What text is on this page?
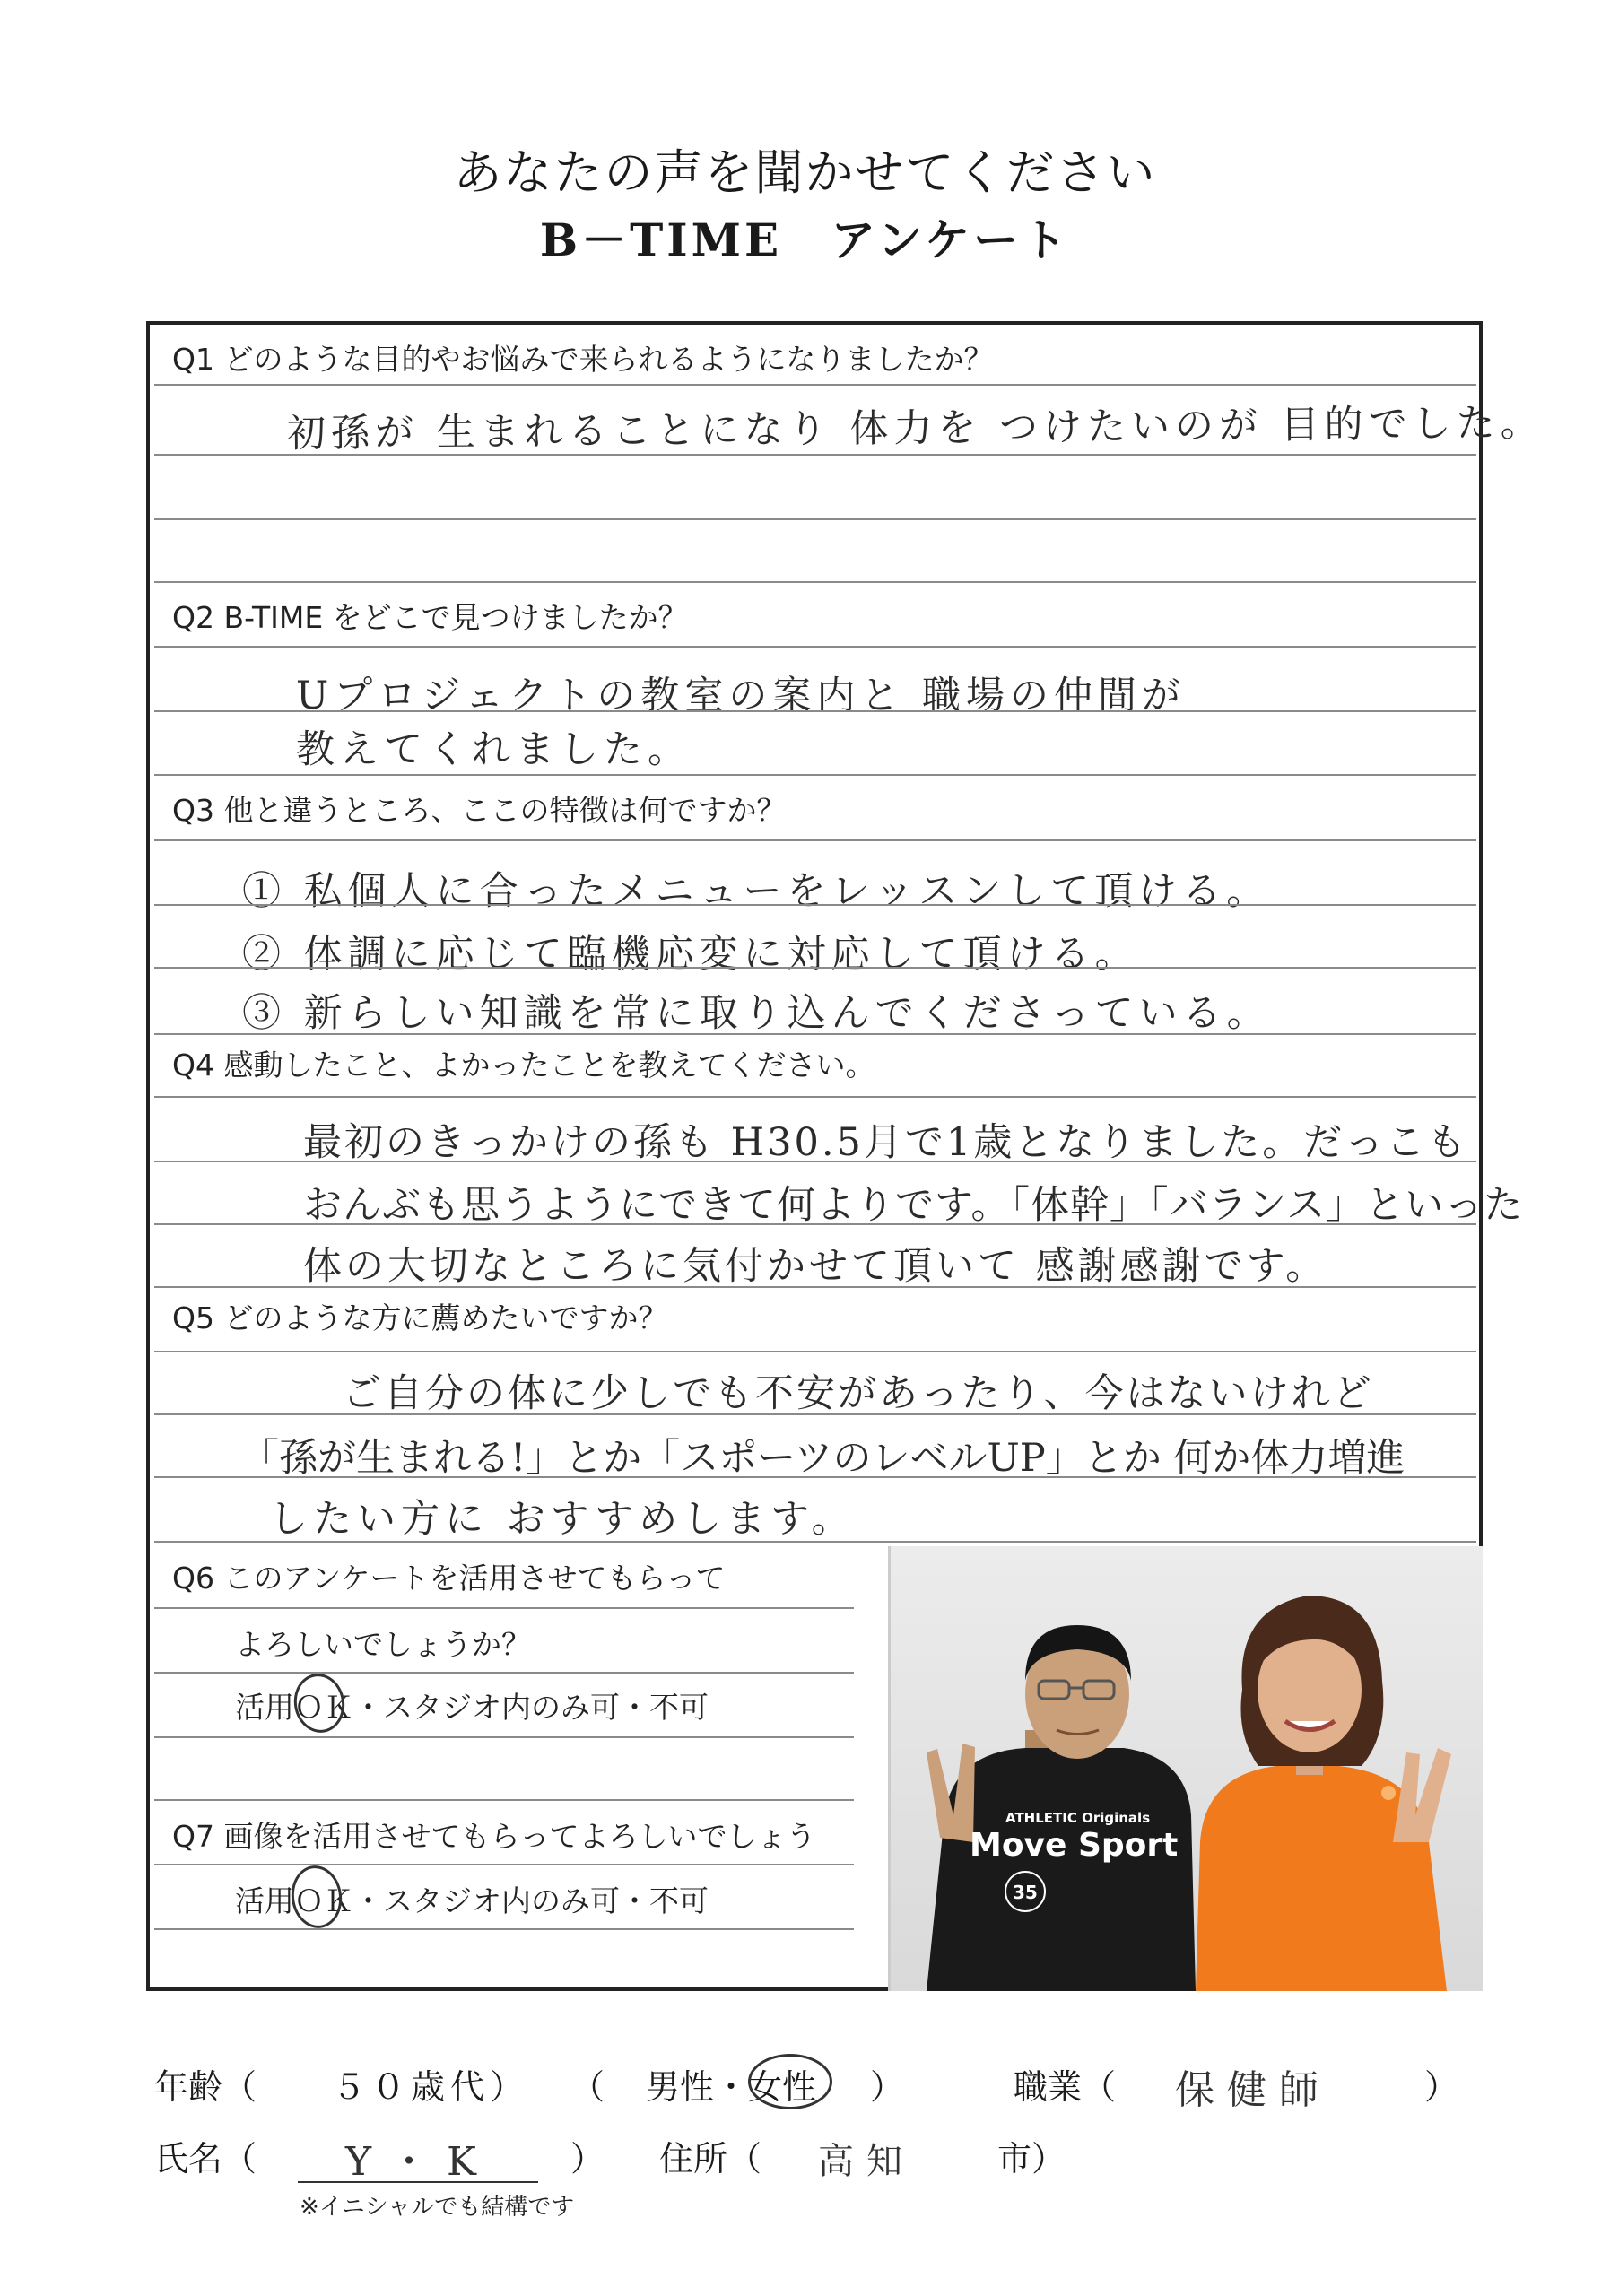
あなたの声を聞かせてください
B－TIME　アンケート
Q1 どのような目的やお悩みで来られるようになりましたか？
初孫が 生まれることになり 体力を つけたいのが 目的でした。
Q2 B-TIME をどこで見つけましたか？
Uプロジェクトの教室の案内と 職場の仲間が
教えてくれました。
Q3 他と違うところ、ここの特徴は何ですか？
① 私個人に合ったメニューをレッスンして頂ける。
② 体調に応じて臨機応変に対応して頂ける。
③ 新らしい知識を常に取り込んでくださっている。
Q4 感動したこと、よかったことを教えてください。
最初のきっかけの孫も H30.5月で1歳となりました。だっこも
おんぶも思うようにできて何よりです。「体幹」「バランス」といった
体の大切なところに気付かせて頂いて 感謝感謝です。
Q5 どのような方に薦めたいですか？
ご自分の体に少しでも不安があったり、今はないけれど
「孫が生まれる!」とか「スポーツのレベルUP」とか 何か体力増進
したい方に おすすめします。
Q6 このアンケートを活用させてもらって
よろしいでしょうか？
活用ＯＫ・スタジオ内のみ可・不可
Q7 画像を活用させてもらってよろしいでしょう
活用ＯＫ・スタジオ内のみ可・不可
ATHLETIC Originals
Move Sport
35
年齢（ ５０歳代） （ 男性・女性 ）	職業（ 保健師	）
氏名（ Y・K ） 住所（ 高知 市）
※イニシャルでも結構です
